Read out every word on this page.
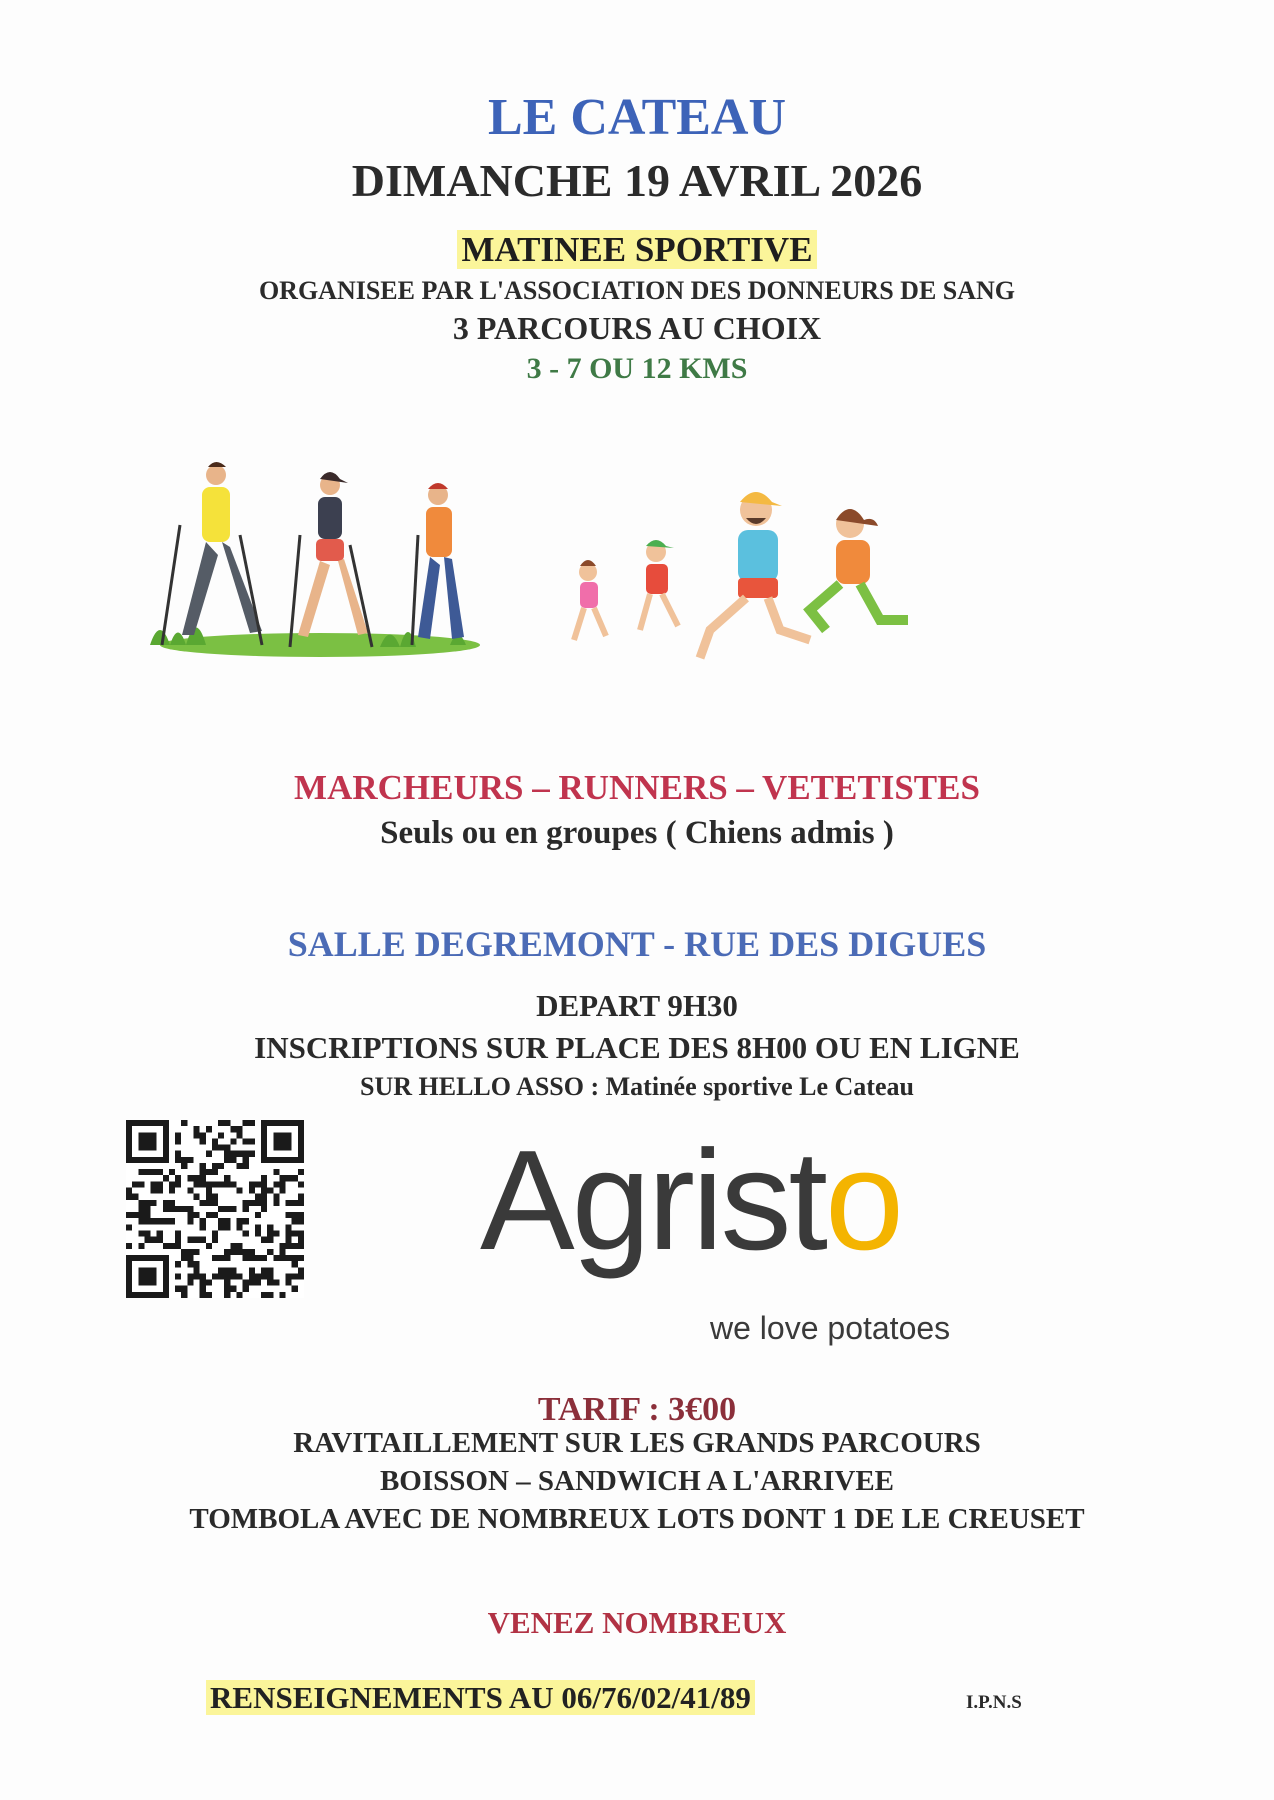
LE CATEAU
DIMANCHE 19 AVRIL 2026
MATINEE SPORTIVE
ORGANISEE PAR L'ASSOCIATION DES DONNEURS DE SANG
3 PARCOURS AU CHOIX
3 - 7 OU 12 KMS
MARCHEURS – RUNNERS – VETETISTES
Seuls ou en groupes ( Chiens admis )
SALLE DEGREMONT - RUE DES DIGUES
DEPART 9H30
INSCRIPTIONS SUR PLACE DES 8H00 OU EN LIGNE
SUR HELLO ASSO : Matinée sportive Le Cateau
Agristo
we love potatoes
TARIF : 3€00
RAVITAILLEMENT SUR LES GRANDS PARCOURS
BOISSON – SANDWICH A L'ARRIVEE
TOMBOLA AVEC DE NOMBREUX LOTS DONT 1 DE LE CREUSET
VENEZ NOMBREUX
RENSEIGNEMENTS AU 06/76/02/41/89	I.P.N.S
